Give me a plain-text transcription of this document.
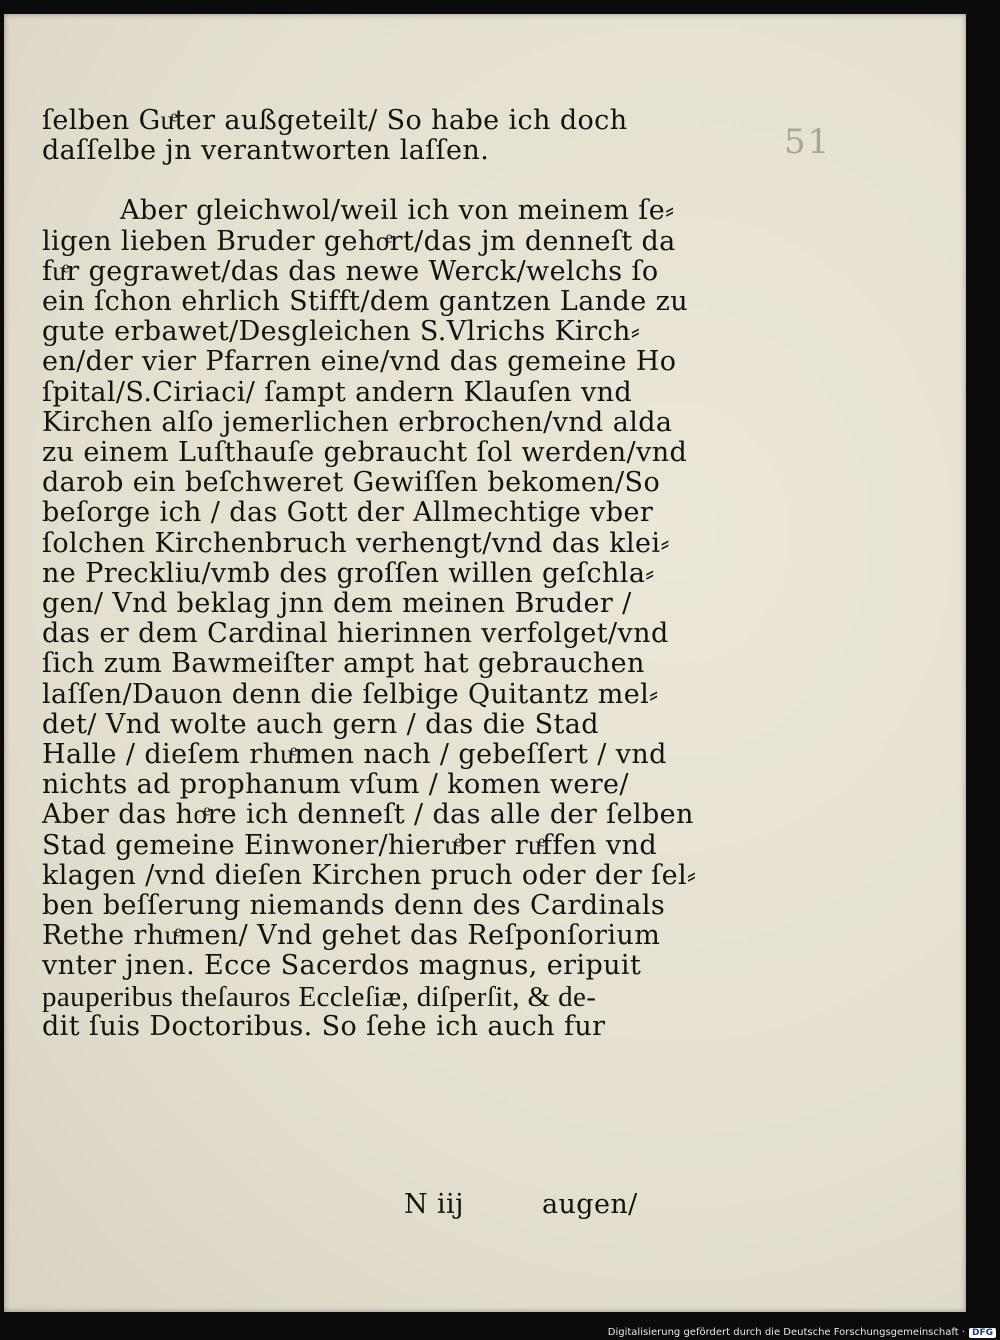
51
ſelben Guͤter außgeteilt/ So habe ich doch
daſſelbe jn verantworten laſſen.
Aber gleichwol/weil ich von meinem ſe⸗
ligen lieben Bruder gehoͤrt/das jm denneſt da
fuͤr gegrawet/das das newe Werck/welchs ſo
ein ſchon ehrlich Stifft/dem gantzen Lande zu
gute erbawet/Desgleichen S.Vlrichs Kirch⸗
en/der vier Pfarren eine/vnd das gemeine Ho
ſpital/S.Ciriaci/ ſampt andern Klauſen vnd
Kirchen alſo jemerlichen erbrochen/vnd alda
zu einem Luſthauſe gebraucht ſol werden/vnd
darob ein beſchweret Gewiſſen bekomen/So
beſorge ich / das Gott der Allmechtige vber
ſolchen Kirchenbruch verhengt/vnd das klei⸗
ne Preckliu/vmb des groſſen willen geſchla⸗
gen/ Vnd beklag jnn dem meinen Bruder /
das er dem Cardinal hierinnen verfolget/vnd
ſich zum Bawmeiſter ampt hat gebrauchen
laſſen/Dauon denn die ſelbige Quitantz mel⸗
det/ Vnd wolte auch gern / das die Stad
Halle / dieſem rhuͤmen nach / gebeſſert / vnd
nichts ad prophanum vſum / komen were/
Aber das hoͤre ich denneſt / das alle der ſelben
Stad gemeine Einwoner/hieruͤber ruͤffen vnd
klagen /vnd dieſen Kirchen pruch oder der ſel⸗
ben beſſerung niemands denn des Cardinals
Rethe rhuͤmen/ Vnd gehet das Reſponſorium
vnter jnen. Ecce Sacerdos magnus, eripuit
pauperibus theſauros Eccleſiæ, diſperſit, & de-
dit ſuis Doctoribus. So ſehe ich auch fur
N iij	augen/
Digitalisierung gefördert durch die Deutsche Forschungsgemeinschaft · DFG
